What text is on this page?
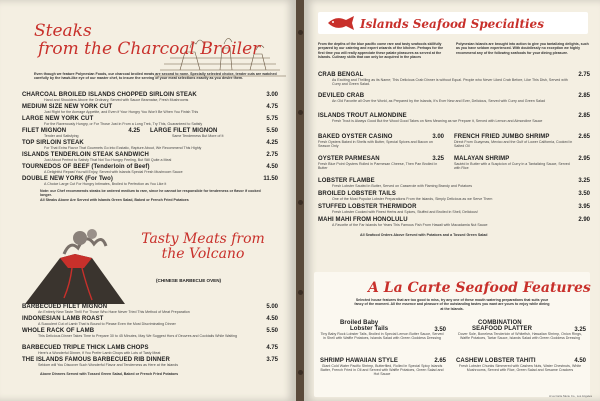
Steaks
from the Charcoal Broiler
Even though we feature Polynesian Foods, our charcoal broiled meats are second to none. Specially selected choice, tender cuts are watched carefully by the hawk-like eye of our master chef, to insure the serving of your meat selections exactly as you desire them.
CHARCOAL BROILED ISLANDS CHOPPED SIRLOIN STEAK	3.00
Hand and Shoulders Above the Ordinary, Served with Sauce Bearnaise, Fresh Mushrooms
MEDIUM SIZE NEW YORK CUT	4.75
Just Right for the Average Appetite, and Even if Your Hungry You Won't Be When You Finish This
LARGE NEW YORK CUT	5.75
For the Ravenously Hungry, or For Those Just in From a Long Trek, Try This, Guaranteed to Satisfy
FILET MIGNON	4.25
Tender and Satisfying
LARGE FILET MIGNON	5.50
Same Tenderness But More of It
TOP SIRLOIN STEAK	4.25
For That Extra Flavor That Gourmets Go into Ecstatic, Rapture About, We Recommend This Highly
ISLANDS TENDERLOIN STEAK SANDWICH	2.75
Just About Perfect to Satisfy That Not Too Hungry Feeling, But Still Quite a Meal
TOURNEDOS OF BEEF (Tenderloin of Beef)	4.50
A Delightful Repast You will Enjoy, Served with Islands Special Fresh Mushroom Sauce
DOUBLE NEW YORK (For Two)	11.50
A Choice Large Cut For Hungry Intimates, Broiled to Perfection as You Like it
Note: our Chef recommends steaks be ordered medium to rare, since he cannot be responsible for tenderness or flavor if cooked longer.
All Steaks Above Are Served with Islands Green Salad, Baked or French Fried Potatoes
Tasty Meats from the Volcano
(CHINESE BARBECUE OVEN)
BARBECUED FILET MIGNON	5.00
An Entirely New Taste Thrill For Those Who Have Never Tried This Method of Meat Preparation
INDONESIAN LAMB ROAST	4.50
A Succulent Cut of Lamb That is Bound to Please Even the Most Discriminating Dinner
WHOLE RACK OF LAMB	5.50
This Delicious Dinner Takes Time to Prepare 30 to 45 Minutes, May We Suggest Hors d'Oeuvres and Cocktails While Waiting
BARBECUED TRIPLE THICK LAMB CHOPS	4.75
Here's a Wonderful Dinner, if You Prefer Lamb Chops with Lots of Tasty Meat
THE ISLANDS FAMOUS BARBECUED RIB DINNER	3.75
Seldom will You Discover Such Wonderful Flavor and Tenderness as Here at the Islands
Above Dinners Served with Tossed Green Salad, Baked or French Fried Potatoes
Islands Seafood Specialties
From the depths of the blue pacific come rare and tasty seafoods skillfully prepared by our catering and expert wizards of the kitchen. Perhaps for the first time you will really appreciate these palate pleasures as served at the Islands. Culinary skills that can only be acquired in the places
Polynesian Islands are brought into action to give you tantalizing delights, such as you have seldom experienced. With doubtlessly no exception we highly recommend any of the following seafoods for your dining pleasure.
CRAB BENGAL	2.75
As Exciting and Thrilling as its Name; This Delicious Crab Dinner is without Equal. People who Never Liked Crab Before, Like This Dish, Served with Curry and Green Salad.
DEVILED CRAB	2.85
An Old Favorite all Over the World, as Prepared by the Islands, It's Ever New and Ever, Delicious, Served with Curry and Green Salad
ISLANDS TROUT ALMONDINE	2.85
Fresh Trout is Always Good But the Wood Good Takes on New Meaning as we Prepare it, Served with Lemon and Almondine Sauce
BAKED OYSTER CASINO	3.00
Fresh Oysters Baked in Shells with Butter, Special Spices and Bacon on Season Only
FRENCH FRIED JUMBO SHRIMP	2.65
Direct From Guaymas, Mexico and the Gulf of Lower California, Cooked in Salted Oil
OYSTER PARMESAN	3.25
Fresh Blue Point Oysters Rolled in Parmesan Cheese, Then Pan Broiled in Butter
MALAYAN SHRIMP	2.95
Sautéd in Butter with a Suspicion of Curry in a Tantalizing Sauce, Served with Rice
LOBSTER FLAMBE	3.25
Fresh Lobster Sautéd in Butter, Served on Casserole with Flaming Brandy and Potatoes
BROILED LOBSTER TAILS	3.50
One of the Most Popular Lobster Preparations From the Islands, Simply Delicious as we Serve Them
STUFFED LOBSTER THERMIDOR	3.95
Fresh Lobster Cooked with Finest Herbs and Spices, Stuffed and Broiled in Shell, Delicious!
MAHI MAHI FROM HONOLULU	2.90
A Favorite of the Far Islands for Years This Famous Fish From Hawaii with Macadamia Nut Sauce
All Seafood Orders Above Served with Potatoes and a Tossed Green Salad
A La Carte Seafood Features
Selected house features that are too good to miss, try any one of these mouth watering preparations that suits your fancy of the moment. All the essence and pleasure of the outstanding tastes you want are yours to enjoy while dining at the Islands.
Broiled Baby
Lobster Tails	3.50
Tiny Baby Rock Lobster Tails, Broiled in Special Lemon Butter Sauce, Served in Shell with Waffle Potatoes, Islands Salad with Green Goddess Dressing
COMBINATION
SEAFOOD PLATTER	3.25
Dover Sole, Boneless Tenderloin of Whitefish, Hawaiian Shrimp, Onion Rings, Waffle Potatoes, Tartar Sauce, Islands Salad with Green Goddess Dressing
SHRIMP HAWAIIAN STYLE	2.65
Giant Cold Water Pacific Shrimp, Butterflied, Rolled in Special Spicy Islands Batter, French Fried in Oil and Served with Waffle Potatoes, Green Salad and Hot Sauce
CASHEW LOBSTER TAHITI	4.50
Fresh Lobster Chunks Simmered with Cashew Nuts, Water Chestnuts, White Mushrooms, Served with Rice, Green Salad and Sesame Crackers
A La Carte Menu Co., Los Angeles
